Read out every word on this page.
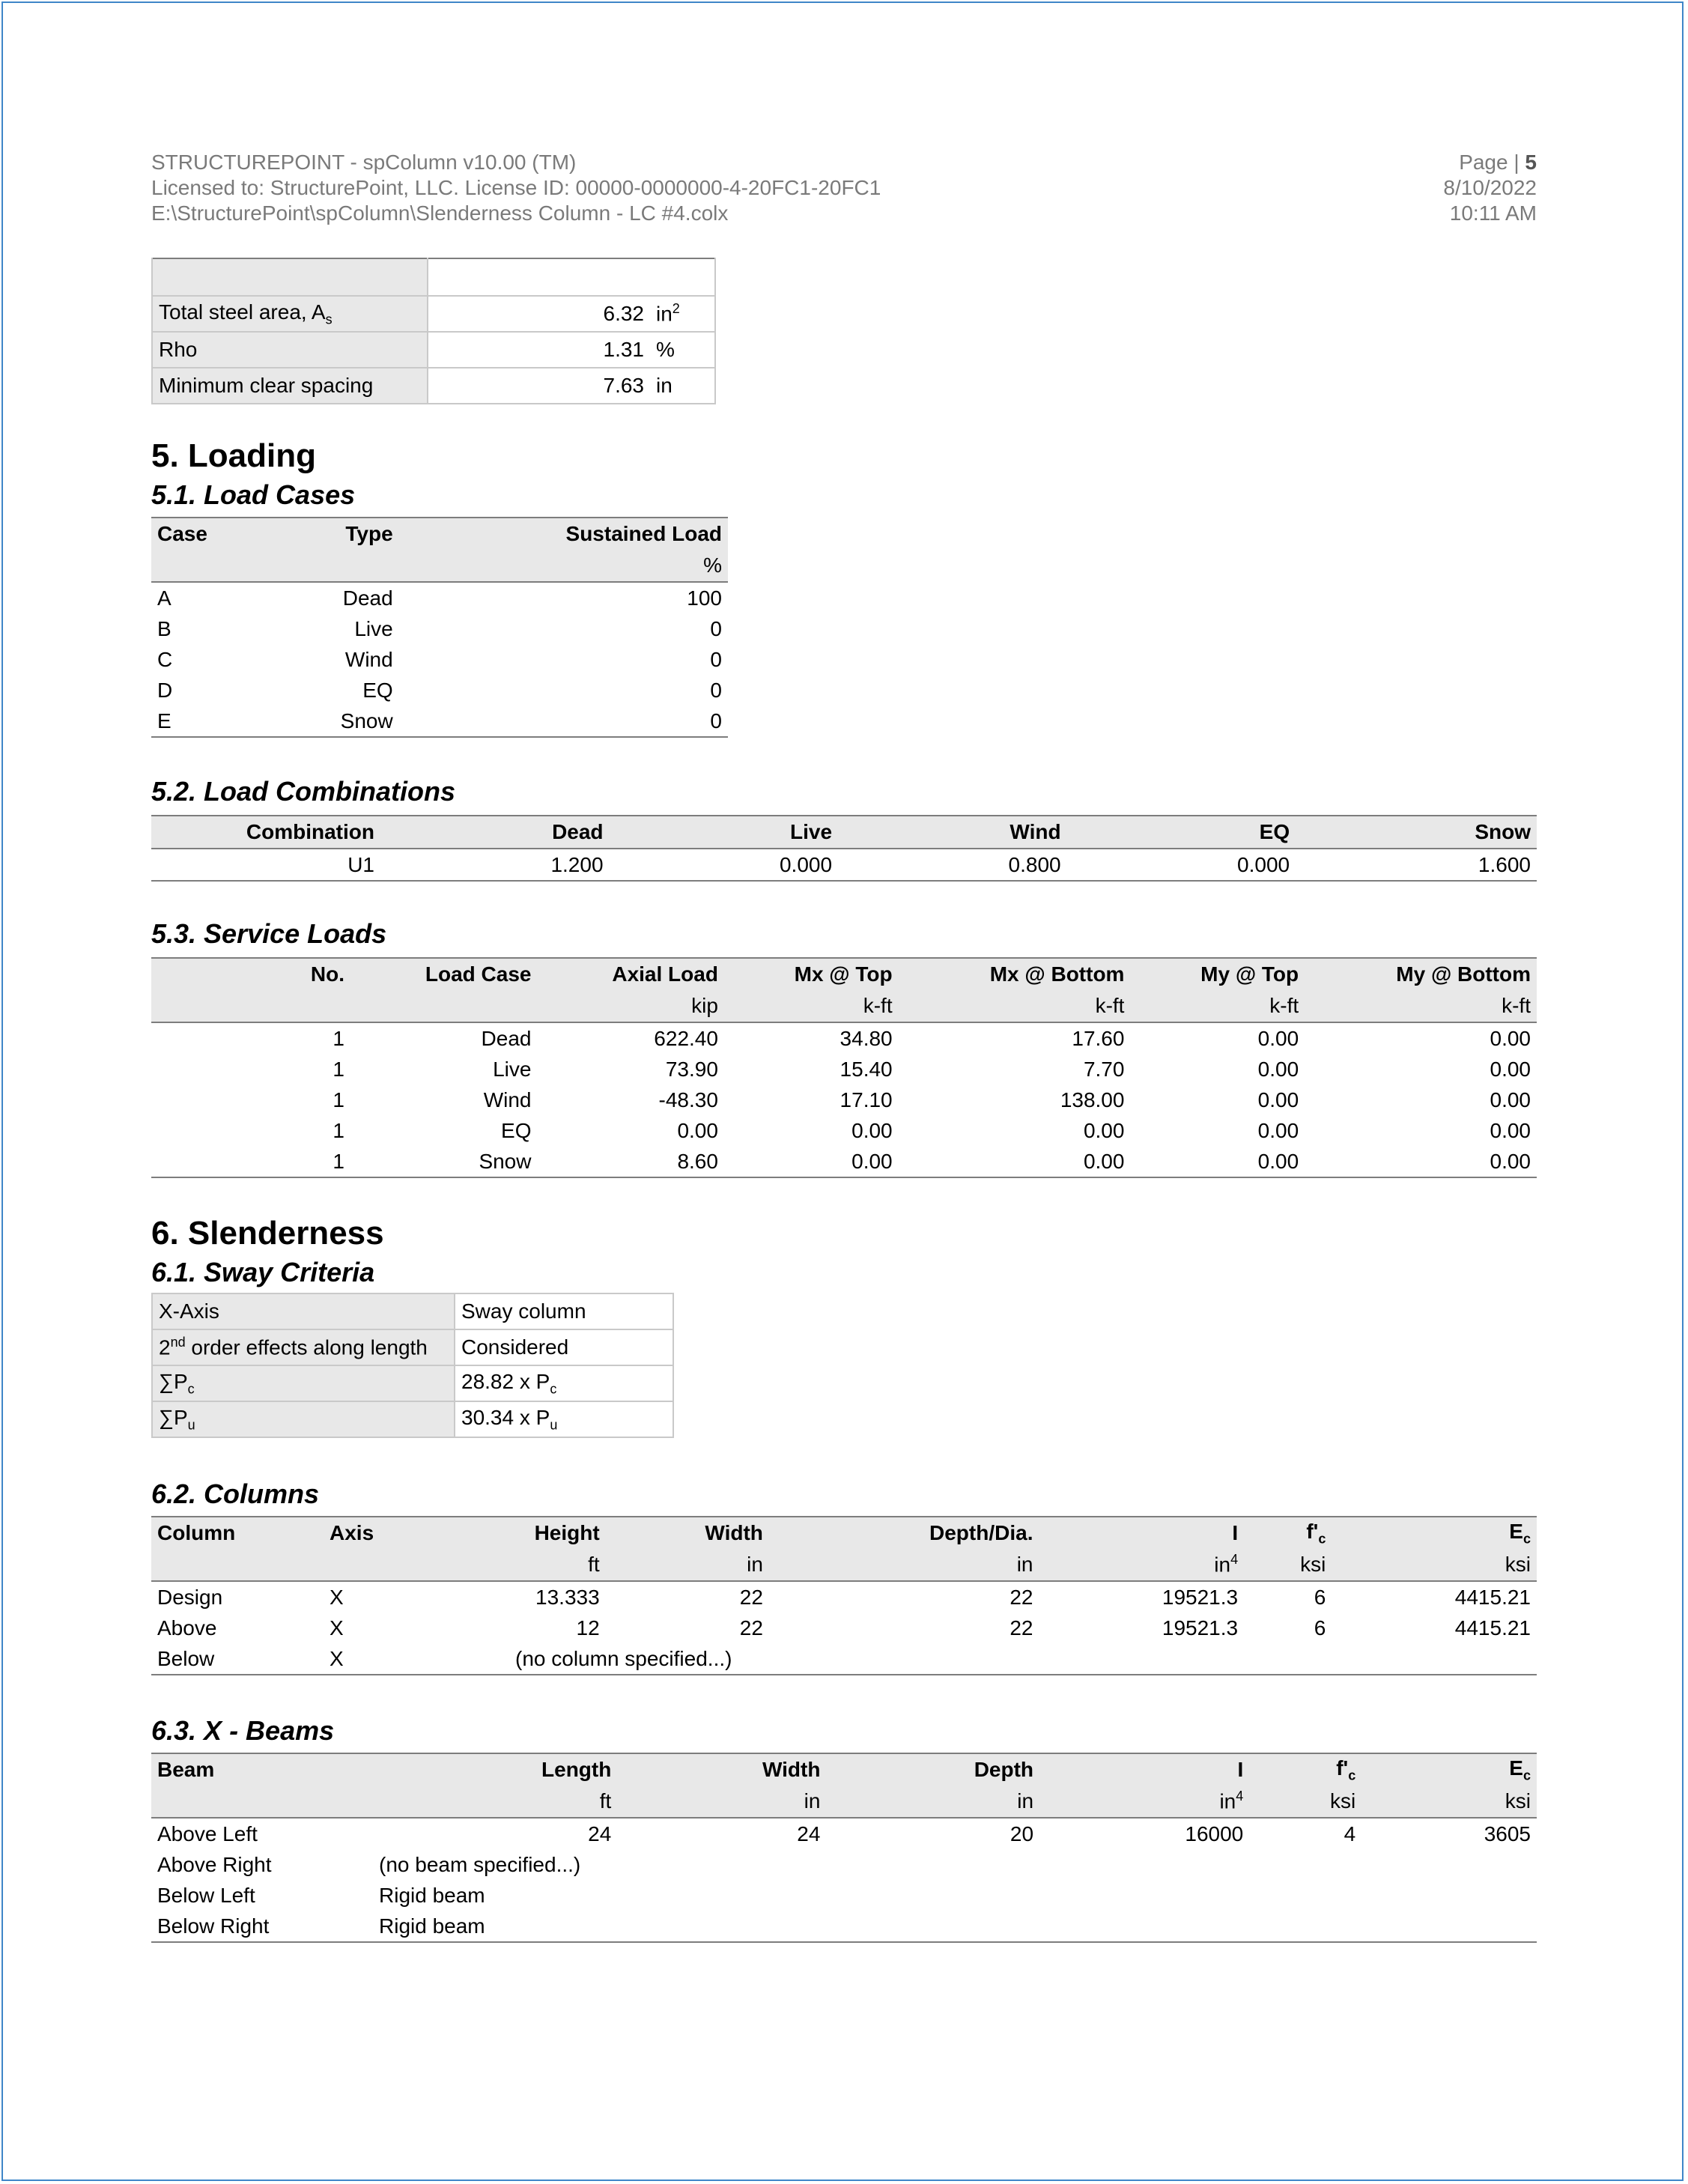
STRUCTUREPOINT - spColumn v10.00 (TM)
Licensed to: StructurePoint, LLC. License ID: 00000-0000000-4-20FC1-20FC1
E:\StructurePoint\spColumn\Slenderness Column - LC #4.colx
Page | 5
8/10/2022
10:11 AM

Total steel area, $A_s$	6.32	$in^2$
Rho	1.31	%
Minimum clear spacing	7.63	in
5. Loading
5.1. Load Cases
Case	Type	Sustained Load
		%
A	Dead	100
B	Live	0
C	Wind	0
D	EQ	0
E	Snow	0
5.2. Load Combinations
Combination	Dead	Live	Wind	EQ	Snow
U1	1.200	0.000	0.800	0.000	1.600
5.3. Service Loads
No.	Load Case	Axial Load	Mx @ Top	Mx @ Bottom	My @ Top	My @ Bottom
		kip	k-ft	k-ft	k-ft	k-ft
1	Dead	622.40	34.80	17.60	0.00	0.00
1	Live	73.90	15.40	7.70	0.00	0.00
1	Wind	-48.30	17.10	138.00	0.00	0.00
1	EQ	0.00	0.00	0.00	0.00	0.00
1	Snow	8.60	0.00	0.00	0.00	0.00
6. Slenderness
6.1. Sway Criteria
X-Axis	Sway column
2nd order effects along length	Considered
$\sum P_c$	28.82 x $P_c$
$\sum P_u$	30.34 x $P_u$
6.2. Columns
Column	Axis	Height	Width	Depth/Dia.	I	$f'_c$	$E_c$
		ft	in	in	$in^4$	ksi	ksi
Design	X	13.333	22	22	19521.3	6	4415.21
Above	X	12	22	22	19521.3	6	4415.21
Below	X	(no column specified...)					
6.3. X - Beams
Beam	Length	Width	Depth	I	$f'_c$	$E_c$
	ft	in	in	$in^4$	ksi	ksi
Above Left	24	24	20	16000	4	3605
Above Right	(no beam specified...)					
Below Left	Rigid beam					
Below Right	Rigid beam					
